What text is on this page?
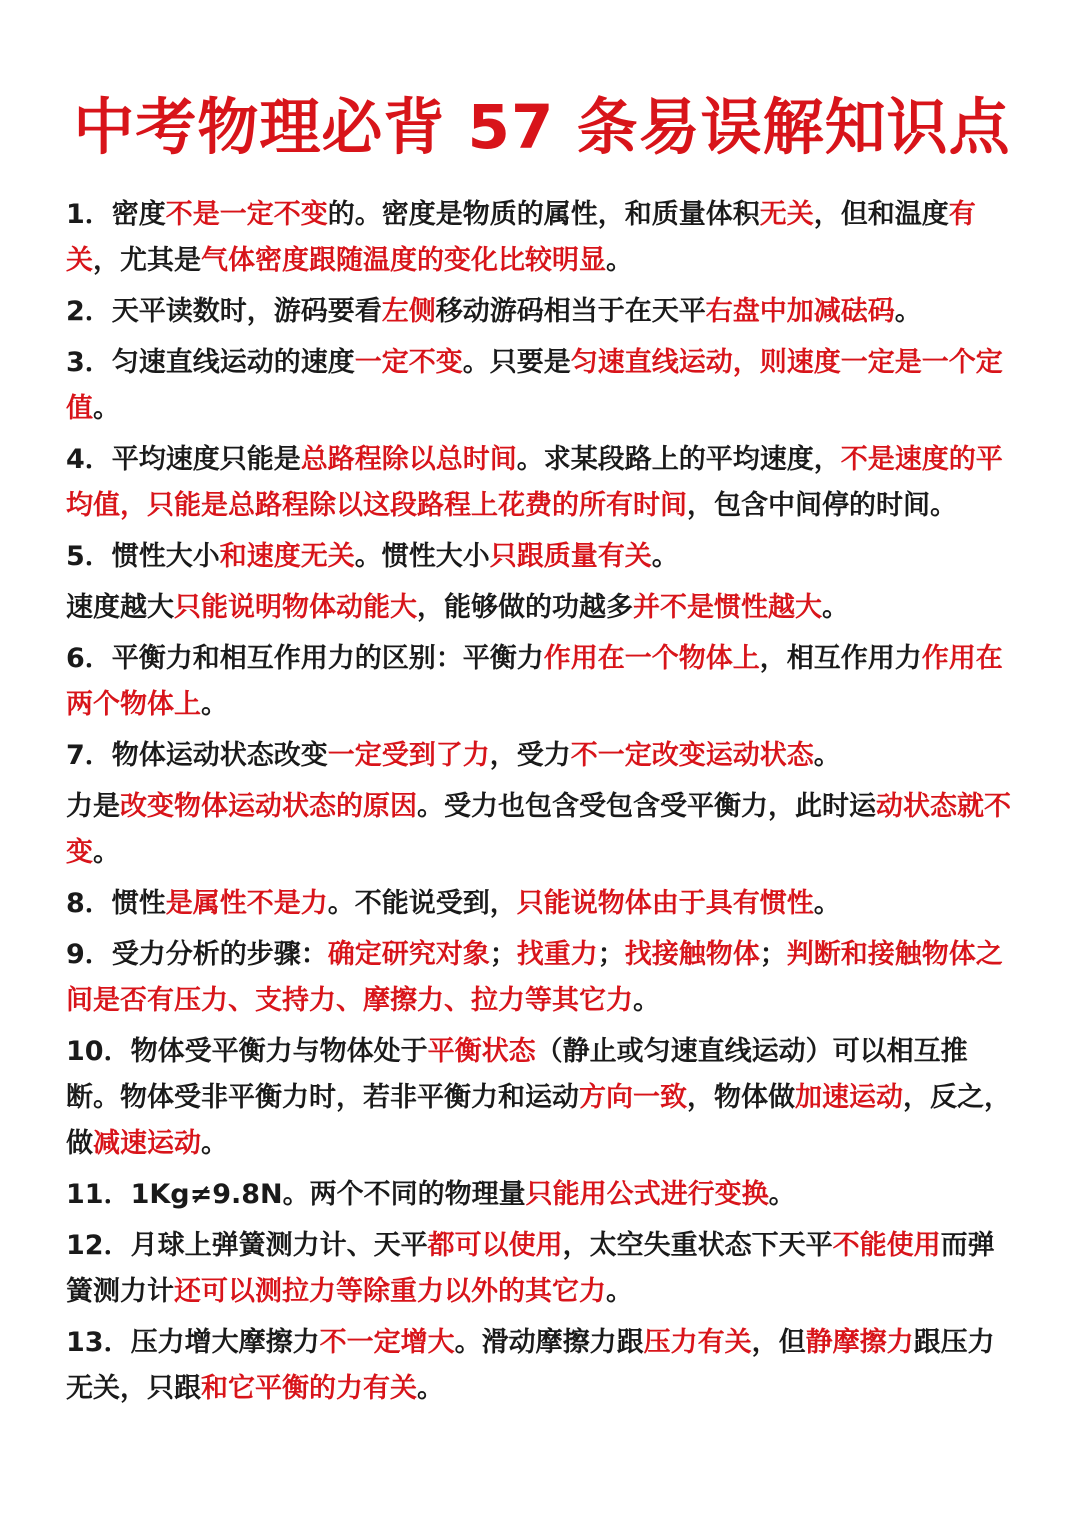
中考物理必背 57 条易误解知识点

1．密度不是一定不变的。密度是物质的属性，和质量体积无关，但和温度有关，尤其是气体密度跟随温度的变化比较明显。

2．天平读数时，游码要看左侧移动游码相当于在天平右盘中加减砝码。

3．匀速直线运动的速度一定不变。只要是匀速直线运动，则速度一定是一个定值。

4．平均速度只能是总路程除以总时间。求某段路上的平均速度，不是速度的平均值，只能是总路程除以这段路程上花费的所有时间，包含中间停的时间。

5．惯性大小和速度无关。惯性大小只跟质量有关。

速度越大只能说明物体动能大，能够做的功越多并不是惯性越大。

6．平衡力和相互作用力的区别：平衡力作用在一个物体上，相互作用力作用在两个物体上。

7．物体运动状态改变一定受到了力，受力不一定改变运动状态。

力是改变物体运动状态的原因。受力也包含受包含受平衡力，此时运动状态就不变。

8．惯性是属性不是力。不能说受到，只能说物体由于具有惯性。

9．受力分析的步骤：确定研究对象；找重力；找接触物体；判断和接触物体之间是否有压力、支持力、摩擦力、拉力等其它力。

10．物体受平衡力与物体处于平衡状态（静止或匀速直线运动）可以相互推断。物体受非平衡力时，若非平衡力和运动方向一致，物体做加速运动，反之，做减速运动。

11．1Kg≠9.8N。两个不同的物理量只能用公式进行变换。

12．月球上弹簧测力计、天平都可以使用，太空失重状态下天平不能使用而弹簧测力计还可以测拉力等除重力以外的其它力。

13．压力增大摩擦力不一定增大。滑动摩擦力跟压力有关，但静摩擦力跟压力无关，只跟和它平衡的力有关。
